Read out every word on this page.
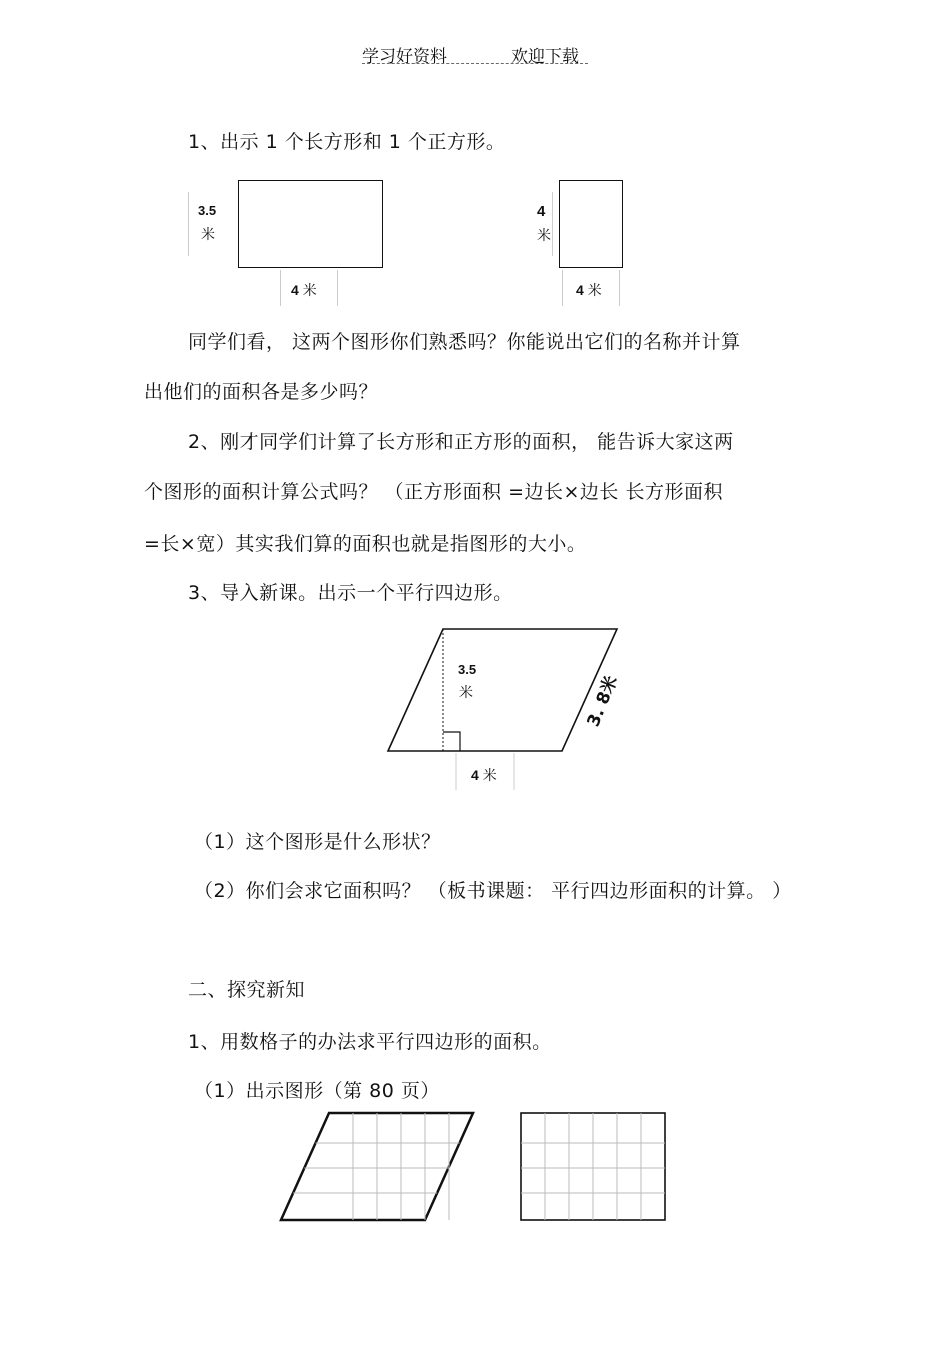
学习好资料	欢迎下载
1、出示 1 个长方形和 1 个正方形。
3.5
米
4 米
4
米
4 米
同学们看， 这两个图形你们熟悉吗？你能说出它们的名称并计算
出他们的面积各是多少吗？
2、刚才同学们计算了长方形和正方形的面积， 能告诉大家这两
个图形的面积计算公式吗？ （正方形面积 =边长×边长 长方形面积
=长×宽）其实我们算的面积也就是指图形的大小。
3、导入新课。出示一个平行四边形。
3.5
米
4 米
3. 8米
（1）这个图形是什么形状？
（2）你们会求它面积吗？ （板书课题： 平行四边形面积的计算。 ）
二、探究新知
1、用数格子的办法求平行四边形的面积。
（1）出示图形（第 80 页）
